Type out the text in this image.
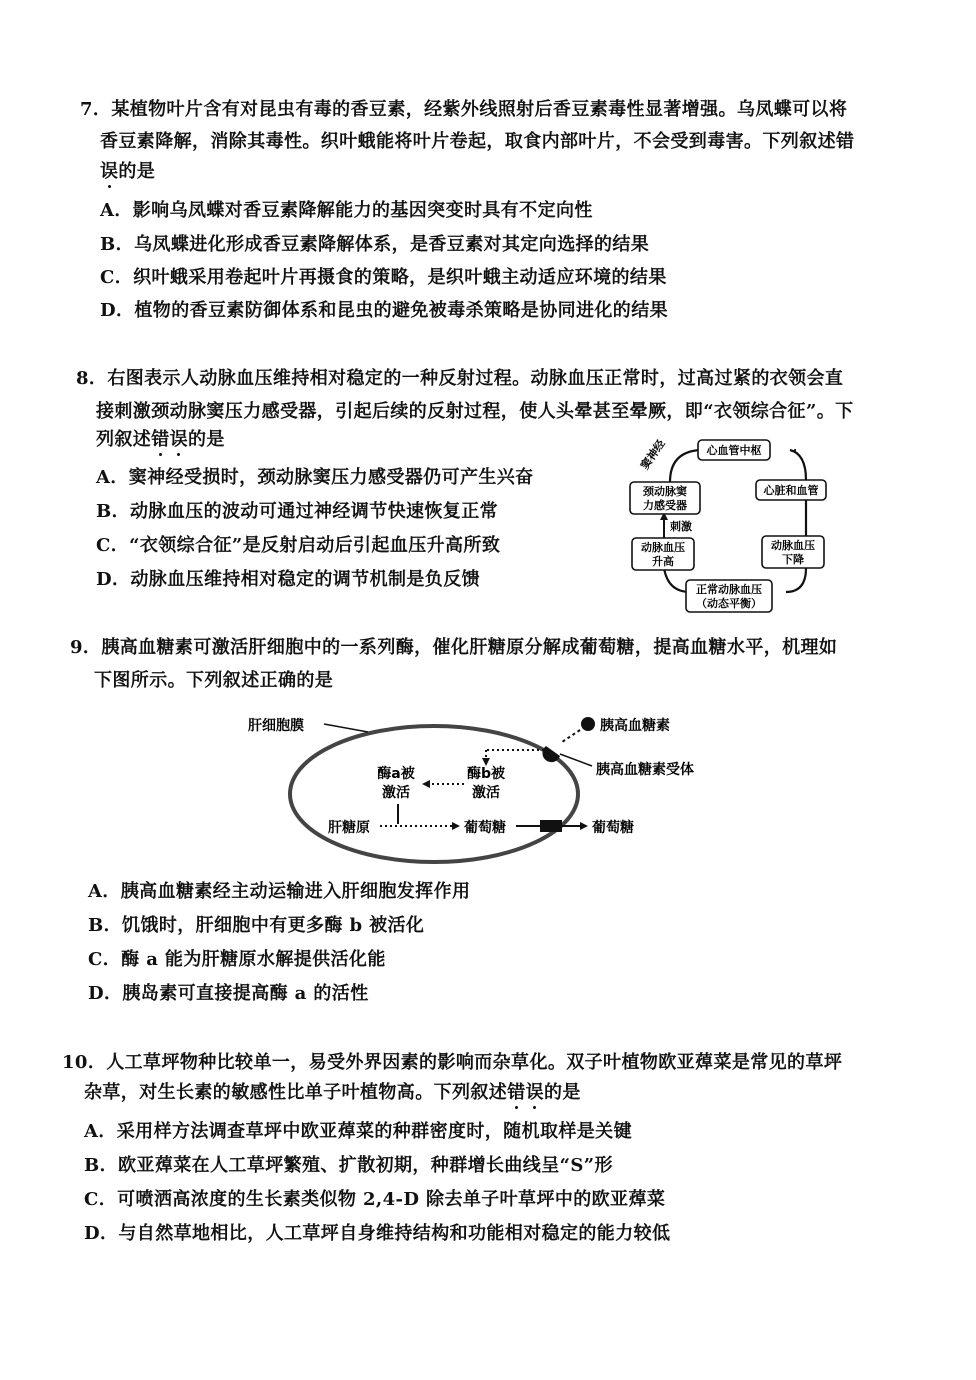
7．某植物叶片含有对昆虫有毒的香豆素，经紫外线照射后香豆素毒性显著增强。乌凤蝶可以将
香豆素降解，消除其毒性。织叶蛾能将叶片卷起，取食内部叶片，不会受到毒害。下列叙述错
误的是
A．影响乌凤蝶对香豆素降解能力的基因突变时具有不定向性
B．乌凤蝶进化形成香豆素降解体系，是香豆素对其定向选择的结果
C．织叶蛾采用卷起叶片再摄食的策略，是织叶蛾主动适应环境的结果
D．植物的香豆素防御体系和昆虫的避免被毒杀策略是协同进化的结果
8．右图表示人动脉血压维持相对稳定的一种反射过程。动脉血压正常时，过高过紧的衣领会直
接刺激颈动脉窦压力感受器，引起后续的反射过程，使人头晕甚至晕厥，即“衣领综合征”。下
列叙述错误的是
A．窦神经受损时，颈动脉窦压力感受器仍可产生兴奋
B．动脉血压的波动可通过神经调节快速恢复正常
C．“衣领综合征”是反射启动后引起血压升高所致
D．动脉血压维持相对稳定的调节机制是负反馈
窦神经	心血管中枢
心脏和血管
颈动脉窦
力感受器
刺激
动脉血压
升高
动脉血压
下降
正常动脉血压
（动态平衡）
9．胰高血糖素可激活肝细胞中的一系列酶，催化肝糖原分解成葡萄糖，提高血糖水平，机理如
下图所示。下列叙述正确的是
肝细胞膜	胰高血糖素
胰高血糖素受体
酶a被
激活
酶b被
激活
肝糖原	葡萄糖	葡萄糖
A．胰高血糖素经主动运输进入肝细胞发挥作用
B．饥饿时，肝细胞中有更多酶 b 被活化
C．酶 a 能为肝糖原水解提供活化能
D．胰岛素可直接提高酶 a 的活性
10．人工草坪物种比较单一，易受外界因素的影响而杂草化。双子叶植物欧亚蔊菜是常见的草坪
杂草，对生长素的敏感性比单子叶植物高。下列叙述错误的是
A．采用样方法调查草坪中欧亚蔊菜的种群密度时，随机取样是关键
B．欧亚蔊菜在人工草坪繁殖、扩散初期，种群增长曲线呈“S”形
C．可喷洒高浓度的生长素类似物 2,4-D 除去单子叶草坪中的欧亚蔊菜
D．与自然草地相比，人工草坪自身维持结构和功能相对稳定的能力较低
